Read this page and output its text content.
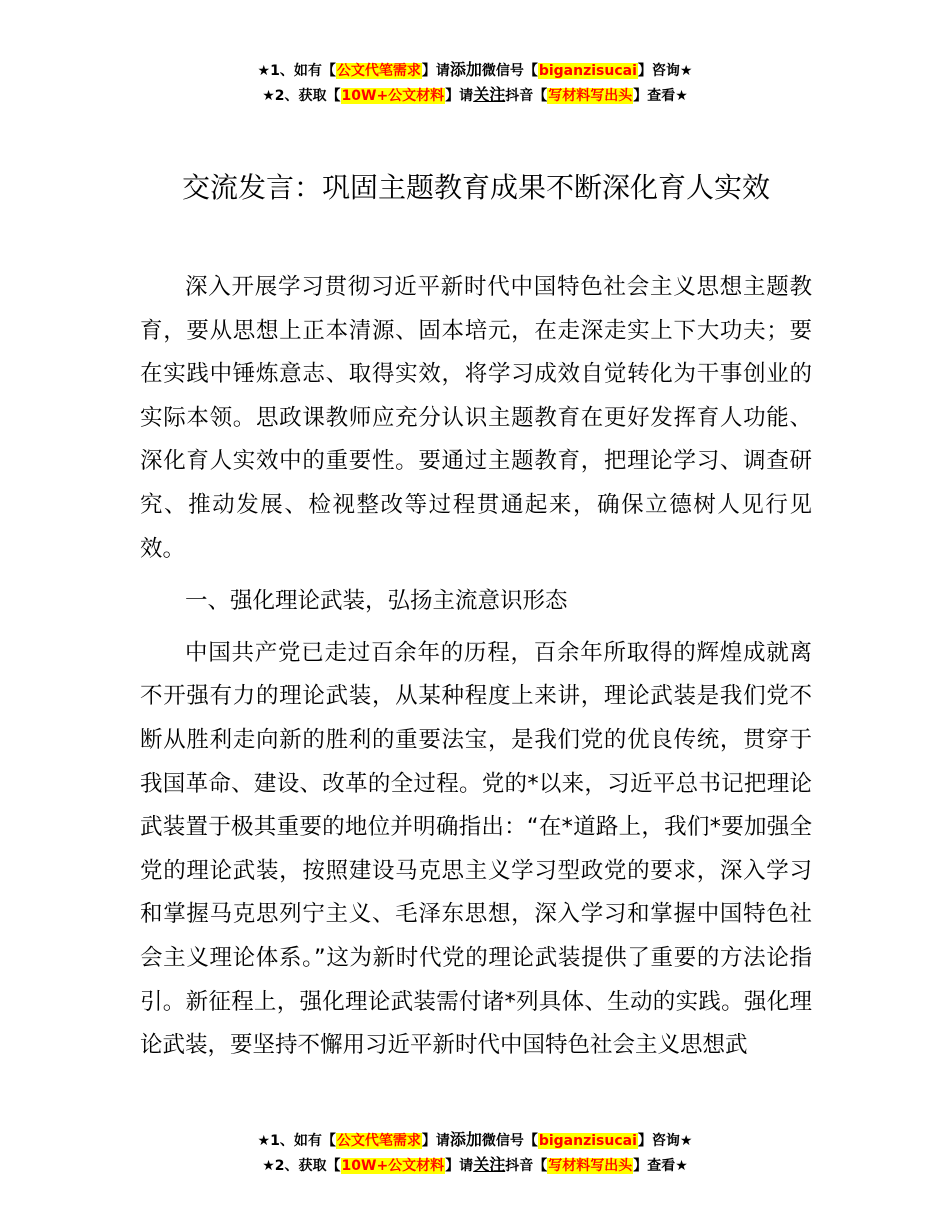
★1、如有【公文代笔需求】请添加微信号【biganzisucai】咨询★
★2、获取【10W+公文材料】请关注抖音【写材料写出头】查看★
交流发言：巩固主题教育成果不断深化育人实效

深入开展学习贯彻习近平新时代中国特色社会主义思想主题教育，要从思想上正本清源、固本培元，在走深走实上下大功夫；要在实践中锤炼意志、取得实效，将学习成效自觉转化为干事创业的实际本领。思政课教师应充分认识主题教育在更好发挥育人功能、深化育人实效中的重要性。要通过主题教育，把理论学习、调查研究、推动发展、检视整改等过程贯通起来，确保立德树人见行见效。

一、强化理论武装，弘扬主流意识形态

中国共产党已走过百余年的历程，百余年所取得的辉煌成就离不开强有力的理论武装，从某种程度上来讲，理论武装是我们党不断从胜利走向新的胜利的重要法宝，是我们党的优良传统，贯穿于我国革命、建设、改革的全过程。党的*以来，习近平总书记把理论武装置于极其重要的地位并明确指出：“在*道路上，我们*要加强全党的理论武装，按照建设马克思主义学习型政党的要求，深入学习和掌握马克思列宁主义、毛泽东思想，深入学习和掌握中国特色社会主义理论体系。”这为新时代党的理论武装提供了重要的方法论指引。新征程上，强化理论武装需付诸*列具体、生动的实践。强化理论武装，要坚持不懈用习近平新时代中国特色社会主义思想武

★1、如有【公文代笔需求】请添加微信号【biganzisucai】咨询★
★2、获取【10W+公文材料】请关注抖音【写材料写出头】查看★
